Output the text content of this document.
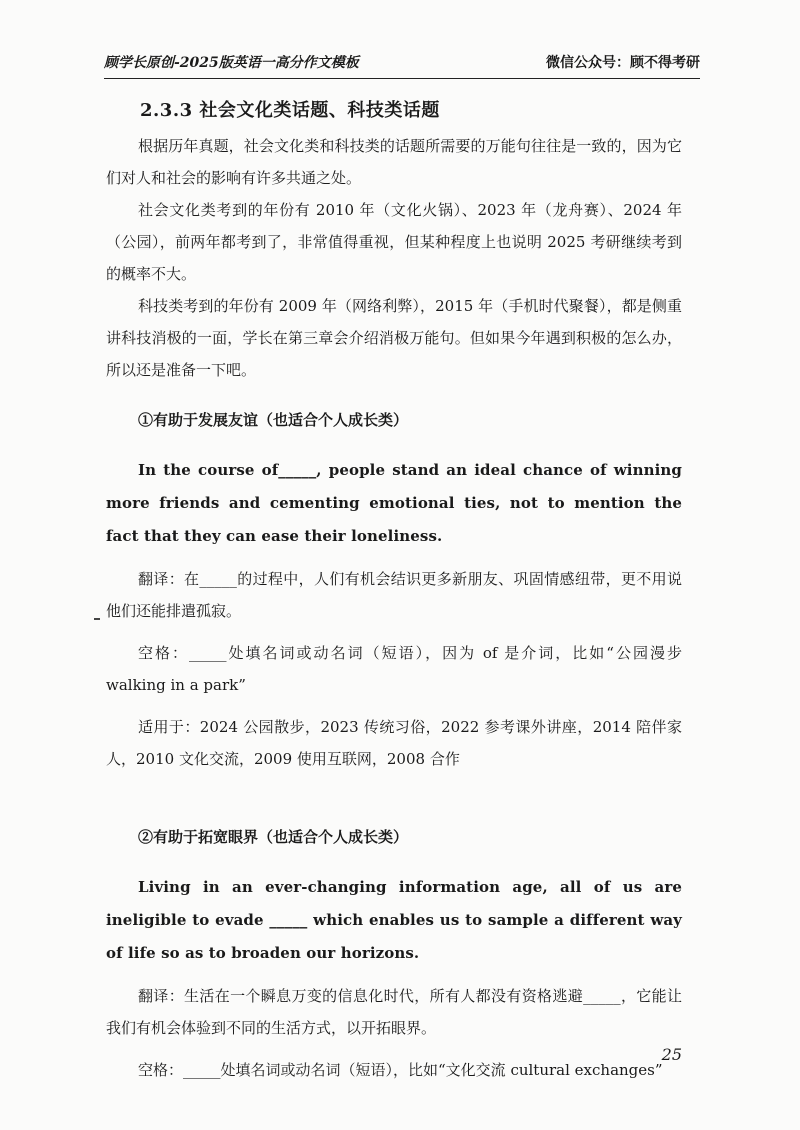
顾学长原创-2025版英语一高分作文模板	微信公众号：顾不得考研
2.3.3 社会文化类话题、科技类话题

根据历年真题，社会文化类和科技类的话题所需要的万能句往往是一致的，因为它们对人和社会的影响有许多共通之处。

社会文化类考到的年份有 2010 年（文化火锅）、2023 年（龙舟赛）、2024 年（公园），前两年都考到了，非常值得重视，但某种程度上也说明 2025 考研继续考到的概率不大。

科技类考到的年份有 2009 年（网络利弊），2015 年（手机时代聚餐），都是侧重讲科技消极的一面，学长在第三章会介绍消极万能句。但如果今年遇到积极的怎么办，所以还是准备一下吧。

①有助于发展友谊（也适合个人成长类）

In the course of_____, people stand an ideal chance of winning more friends and cementing emotional ties, not to mention the fact that they can ease their loneliness.

翻译：在_____的过程中，人们有机会结识更多新朋友、巩固情感纽带，更不用说他们还能排遣孤寂。

空格：_____处填名词或动名词（短语），因为 of 是介词，比如“公园漫步 walking in a park”

适用于：2024 公园散步，2023 传统习俗，2022 参考课外讲座，2014 陪伴家人，2010 文化交流，2009 使用互联网，2008 合作

②有助于拓宽眼界（也适合个人成长类）

Living in an ever-changing information age, all of us are ineligible to evade _____ which enables us to sample a different way of life so as to broaden our horizons.

翻译：生活在一个瞬息万变的信息化时代，所有人都没有资格逃避_____，它能让我们有机会体验到不同的生活方式，以开拓眼界。

空格：_____处填名词或动名词（短语），比如“文化交流 cultural exchanges”

25
